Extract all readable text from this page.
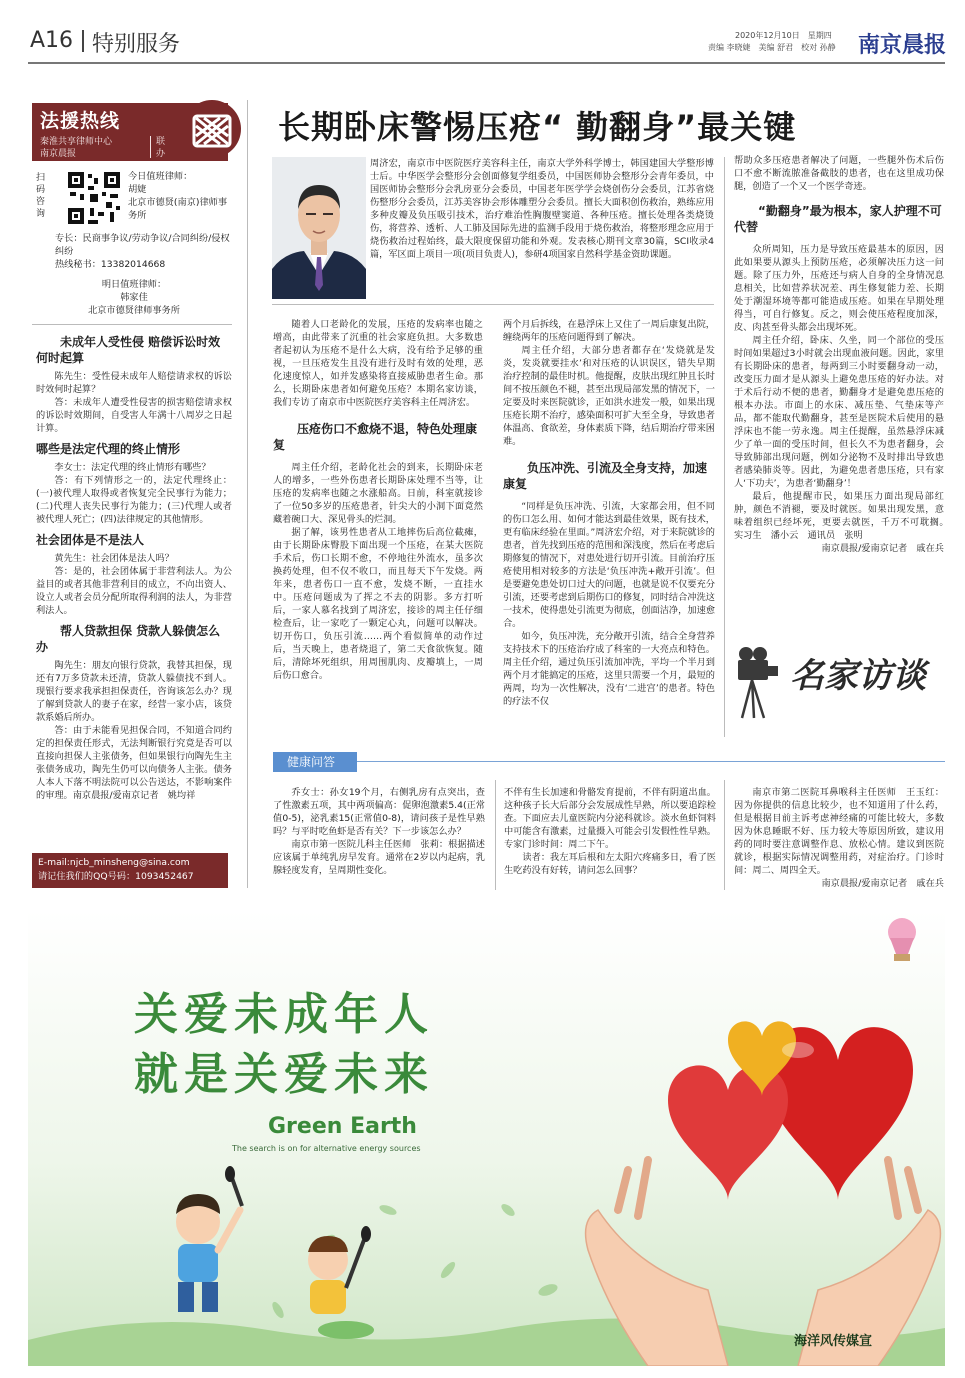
A16 特别服务	2020年12月10日　星期四
责编 李晓婕　美编 舒君　校对 孙静 南京晨报
法援热线
秦淮共享律师中心
南京晨报
联办
扫码咨询
今日值班律师：
胡婕
北京市德贤(南京)律师事务所
专长：民商事争议/劳动争议/合同纠纷/侵权纠纷
热线秘书：13382014668
明日值班律师：
韩家佳
北京市德贤律师事务所
未成年人受性侵 赔偿诉讼时效何时起算

陈先生：受性侵未成年人赔偿请求权的诉讼时效何时起算？

答：未成年人遭受性侵害的损害赔偿请求权的诉讼时效期间，自受害人年满十八周岁之日起计算。

哪些是法定代理的终止情形

李女士：法定代理的终止情形有哪些？

答：有下列情形之一的，法定代理终止：(一)被代理人取得或者恢复完全民事行为能力；(二)代理人丧失民事行为能力；(三)代理人或者被代理人死亡；(四)法律规定的其他情形。

社会团体是不是法人

黄先生：社会团体是法人吗？

答：是的，社会团体属于非营利法人。为公益目的或者其他非营利目的成立，不向出资人、设立人或者会员分配所取得利润的法人，为非营利法人。

帮人贷款担保 贷款人躲债怎么办

陶先生：朋友向银行贷款，我替其担保，现还有7万多贷款未还清，贷款人躲债找不到人。现银行要求我承担担保责任，咨询该怎么办？现了解到贷款人的妻子在家，经营一家小店，该贷款系婚后所办。

答：由于未能看见担保合同，不知道合同约定的担保责任形式，无法判断银行究竟是否可以直接向担保人主张债务，但如果银行向陶先生主张债务成功，陶先生仍可以向债务人主张。债务人本人下落不明法院可以公告送达，不影响案件的审理。南京晨报/爱南京记者　姚均祥

E-mail:njcb_minsheng@sina.com
请记住我们的QQ号码：1093452467
长期卧床警惕压疮“ 勤翻身”最关键

周济宏，南京市中医院医疗美容科主任，南京大学外科学博士，韩国建国大学整形博士后。中华医学会整形分会创面修复学组委员，中国医师协会整形分会青年委员，中国医师协会整形分会乳房亚分会委员，中国老年医学学会烧创伤分会委员，江苏省烧伤整形分会委员，江苏美容协会形体雕塑分会委员。擅长大面积创伤救治，熟练应用多种皮瓣及负压吸引技术，治疗难治性胸腹壁窦道、各种压疮。擅长处理各类烧烫伤，将营养、透析、人工肺及国际先进的监测手段用于烧伤救治，将整形理念应用于烧伤救治过程始终，最大限度保留功能和外观。发表核心期刊文章30篇，SCI收录4篇，军区面上项目一项(项目负责人)，参研4项国家自然科学基金资助课题。

随着人口老龄化的发展，压疮的发病率也随之增高，由此带来了沉重的社会家庭负担。大多数患者起初认为压疮不是什么大病，没有给予足够的重视，一旦压疮发生且没有进行及时有效的处理，恶化速度惊人，如并发感染将直接威胁患者生命。那么，长期卧床患者如何避免压疮？本期名家访谈，我们专访了南京市中医院医疗美容科主任周济宏。

压疮伤口不愈烧不退，特色处理康复

周主任介绍，老龄化社会的到来，长期卧床老人的增多，一些外伤患者长期卧床处理不当等，让压疮的发病率也随之水涨船高。日前，科室就接诊了一位50多岁的压疮患者，针尖大的小洞下面竟然藏着碗口大、深见骨头的烂洞。

据了解，该男性患者从工地摔伤后高位截瘫，由于长期卧床臀股下面出现一个压疮，在某大医院手术后，伤口长期不愈，不停地往外流水，虽多次换药处理，但不仅不收口，而且每天下午发烧。两年来，患者伤口一直不愈，发烧不断，一直挂水中。压疮问题成为了挥之不去的阴影。多方打听后，一家人慕名找到了周济宏，接诊的周主任仔细检查后，让一家吃了一颗定心丸，问题可以解决。切开伤口，负压引流……两个看似简单的动作过后，当天晚上，患者烧退了，第二天食欲恢复。随后，清除坏死组织，用周围肌肉、皮瓣填上，一周后伤口愈合。

两个月后拆线，在悬浮床上又住了一周后康复出院，缠绕两年的压疮问题得到了解决。

周主任介绍，大部分患者都存在‘发烧就是发炎，发炎就要挂水’和对压疮的认识误区，错失早期治疗控制的最佳时机。他提醒，皮肤出现红肿且长时间不按压颜色不褪，甚至出现局部发黑的情况下，一定要及时来医院就诊，正如洪水进发一般，如果出现压疮长期不治疗，感染面积可扩大至全身，导致患者体温高、食欲差，身体素质下降，结后期治疗带来困难。

负压冲洗、引流及全身支持，加速康复

“同样是负压冲洗、引流，大家都会用，但不同的伤口怎么用、如何才能达到最佳效果，既有技术，更有临床经验在里面。”周济宏介绍，对于来院就诊的患者，首先找到压疮的范围和深浅度，然后在考虑后期修复的情况下，对患处进行切开引流。目前治疗压疮使用相对较多的方法是‘负压冲洗+敞开引流’。但是要避免患处切口过大的问题，也就是说不仅要充分引流，还要考虑到后期伤口的修复，同时结合冲洗这一技术，使得患处引流更为彻底，创面洁净，加速愈合。

如今，负压冲洗，充分敞开引流，结合全身营养支持技术下的压疮治疗成了科室的一大亮点和特色。周主任介绍，通过负压引流加冲洗，平均一个半月到两个月才能搞定的压疮，这里只需要一个月，最短的两周，均为一次性解决，没有‘二进宫’的患者。特色的疗法不仅

帮助众多压疮患者解决了问题，一些腿外伤术后伤口不愈不断流脓准备截肢的患者，也在这里成功保腿，创造了一个又一个医学奇迹。

“勤翻身”最为根本，家人护理不可代替

众所周知，压力是导致压疮最基本的原因，因此如果要从源头上预防压疮，必须解决压力这一问题。除了压力外，压疮还与病人自身的全身情况息息相关，比如营养状况差、再生修复能力差、长期处于潮湿环境等都可能造成压疮。如果在早期处理得当，可自行修复。反之，则会使压疮程度加深，皮、肉甚至骨头都会出现坏死。

周主任介绍，卧床、久坐，同一个部位的受压时间如果超过3小时就会出现血液问题。因此，家里有长期卧床的患者，每两到三小时要翻身动一动，改变压力面才是从源头上避免患压疮的好办法。对于术后行动不便的患者，勤翻身才是避免患压疮的根本办法。市面上的水床、减压垫、气垫床等产品，都不能取代勤翻身，甚至是医院术后使用的悬浮床也不能一劳永逸。周主任提醒，虽然悬浮床减少了单一面的受压时间，但长久不为患者翻身，会导致肺部出现问题，例如分泌物不及时排出导致患者感染肺炎等。因此，为避免患者患压疮，只有家人‘下功夫’，为患者‘勤翻身’！

最后，他提醒市民，如果压力面出现局部红肿，颜色不消褪，要及时就医。如果出现发黑，意味着组织已经坏死，更要去就医，千万不可耽搁。　　实习生　潘小云　通讯员　张明

南京晨报/爱南京记者　戚在兵
名家访谈
健康问答

乔女士：孙女19个月，右侧乳房有点突出，查了性激素五项，其中两项偏高：促卵泡激素5.4(正常值0-5)，泌乳素15(正常值0-8)，请问孩子是性早熟吗？与平时吃鱼虾是否有关？下一步该怎么办？

南京市第一医院儿科主任医师　张莉：根据描述应该属于单纯乳房早发育。通常在2岁以内起病，乳腺轻度发育，呈周期性变化。

不伴有生长加速和骨骼发育提前，不伴有阴道出血。这种孩子长大后部分会发展成性早熟，所以要追踪检查。下面应去儿童医院内分泌科就诊。淡水鱼虾饲料中可能含有激素，过量摄入可能会引发假性性早熟。专家门诊时间：周二下午。

读者：我左耳后根和左太阳穴疼痛多日，看了医生吃药没有好转，请问怎么回事？

南京市第二医院耳鼻喉科主任医师　王玉红：因为你提供的信息比较少，也不知道用了什么药，但是根据目前主诉考虑神经痛的可能比较大，多数因为休息睡眠不好、压力较大等原因所致，建议用药的同时要注意调整作息、放松心情。建议到医院就诊，根据实际情况调整用药，对症治疗。门诊时间：周二、周四全天。

南京晨报/爱南京记者　戚在兵
关爱未成年人
就是关爱未来
Green Earth
The search is on for alternative energy sources
海洋风传媒宣
